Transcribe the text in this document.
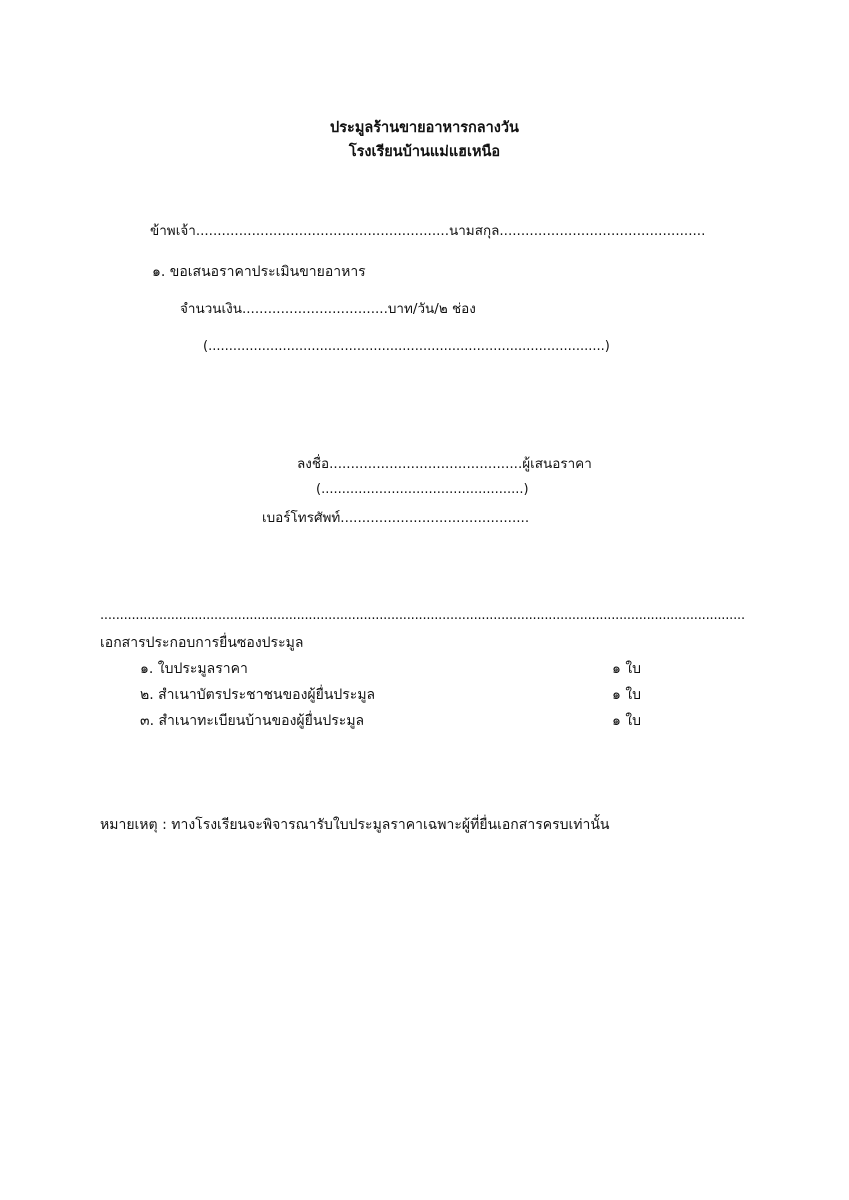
ประมูลร้านขายอาหารกลางวัน
โรงเรียนบ้านแม่แฮเหนือ
ข้าพเจ้า...........................................................นามสกุล................................................
๑. ขอเสนอราคาประเมินขายอาหาร
จำนวนเงิน..................................บาท/วัน/๒ ช่อง
(................................................................................................)
ลงชื่อ.............................................ผู้เสนอราคา
(.................................................)
เบอร์โทรศัพท์............................................
....................................................................................................................................................................
เอกสารประกอบการยื่นซองประมูล
๑. ใบประมูลราคา	๑ ใบ
๒. สำเนาบัตรประชาชนของผู้ยื่นประมูล	๑ ใบ
๓. สำเนาทะเบียนบ้านของผู้ยื่นประมูล	๑ ใบ
หมายเหตุ : ทางโรงเรียนจะพิจารณารับใบประมูลราคาเฉพาะผู้ที่ยื่นเอกสารครบเท่านั้น
